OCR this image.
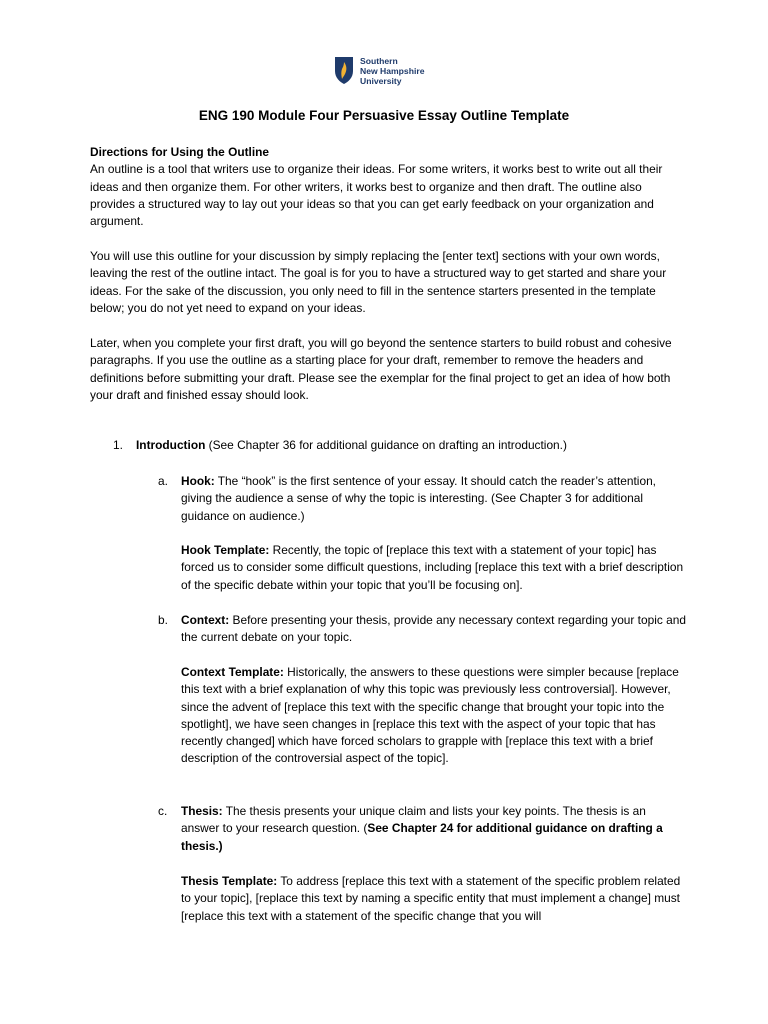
Southern
New Hampshire
University
ENG 190 Module Four Persuasive Essay Outline Template
Directions for Using the Outline
An outline is a tool that writers use to organize their ideas. For some writers, it works best to write out all their ideas and then organize them. For other writers, it works best to organize and then draft. The outline also provides a structured way to lay out your ideas so that you can get early feedback on your organization and argument.
You will use this outline for your discussion by simply replacing the [enter text] sections with your own words, leaving the rest of the outline intact. The goal is for you to have a structured way to get started and share your ideas. For the sake of the discussion, you only need to fill in the sentence starters presented in the template below; you do not yet need to expand on your ideas.
Later, when you complete your first draft, you will go beyond the sentence starters to build robust and cohesive paragraphs. If you use the outline as a starting place for your draft, remember to remove the headers and definitions before submitting your draft. Please see the exemplar for the final project to get an idea of how both your draft and finished essay should look.
1. Introduction (See Chapter 36 for additional guidance on drafting an introduction.)
a. Hook: The “hook” is the first sentence of your essay. It should catch the reader’s attention, giving the audience a sense of why the topic is interesting. (See Chapter 3 for additional guidance on audience.)
Hook Template: Recently, the topic of [replace this text with a statement of your topic] has forced us to consider some difficult questions, including [replace this text with a brief description of the specific debate within your topic that you’ll be focusing on].
b. Context: Before presenting your thesis, provide any necessary context regarding your topic and the current debate on your topic.
Context Template: Historically, the answers to these questions were simpler because [replace this text with a brief explanation of why this topic was previously less controversial]. However, since the advent of [replace this text with the specific change that brought your topic into the spotlight], we have seen changes in [replace this text with the aspect of your topic that has recently changed] which have forced scholars to grapple with [replace this text with a brief description of the controversial aspect of the topic].
c. Thesis: The thesis presents your unique claim and lists your key points. The thesis is an answer to your research question. (See Chapter 24 for additional guidance on drafting a thesis.)
Thesis Template: To address [replace this text with a statement of the specific problem related to your topic], [replace this text by naming a specific entity that must implement a change] must [replace this text with a statement of the specific change that you will
